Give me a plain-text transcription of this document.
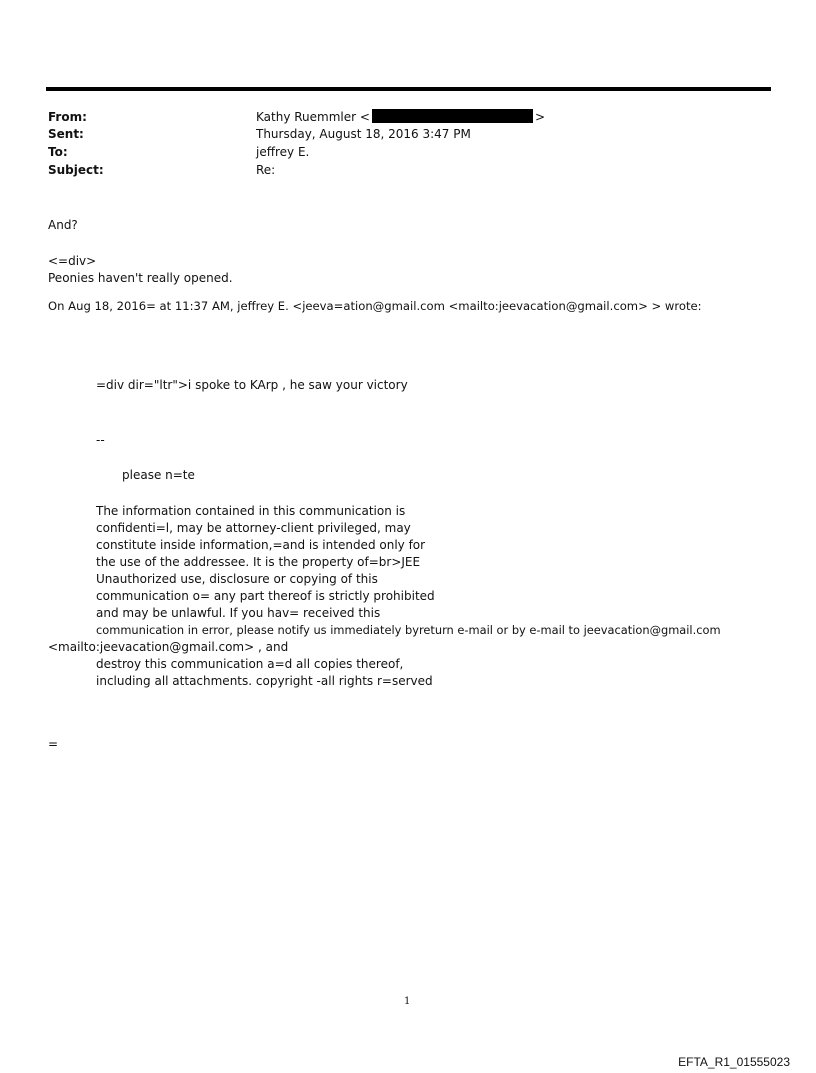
From:	Kathy Ruemmler <	>
Sent:	Thursday, August 18, 2016 3:47 PM
To:	jeffrey E.
Subject:	Re:
And?
<=div>
Peonies haven't really opened.
On Aug 18, 2016= at 11:37 AM, jeffrey E. <jeeva=ation@gmail.com <mailto:jeevacation@gmail.com> > wrote:
=div dir="ltr">i spoke to KArp , he saw your victory
--
please n=te
The information contained in this communication is
confidenti=l, may be attorney-client privileged, may
constitute inside information,=and is intended only for
the use of the addressee. It is the property of=br>JEE
Unauthorized use, disclosure or copying of this
communication o= any part thereof is strictly prohibited
and may be unlawful. If you hav= received this
communication in error, please notify us immediately byreturn e-mail or by e-mail to jeevacation@gmail.com
<mailto:jeevacation@gmail.com> , and
destroy this communication a=d all copies thereof,
including all attachments. copyright -all rights r=served
=
1
EFTA_R1_01555023
